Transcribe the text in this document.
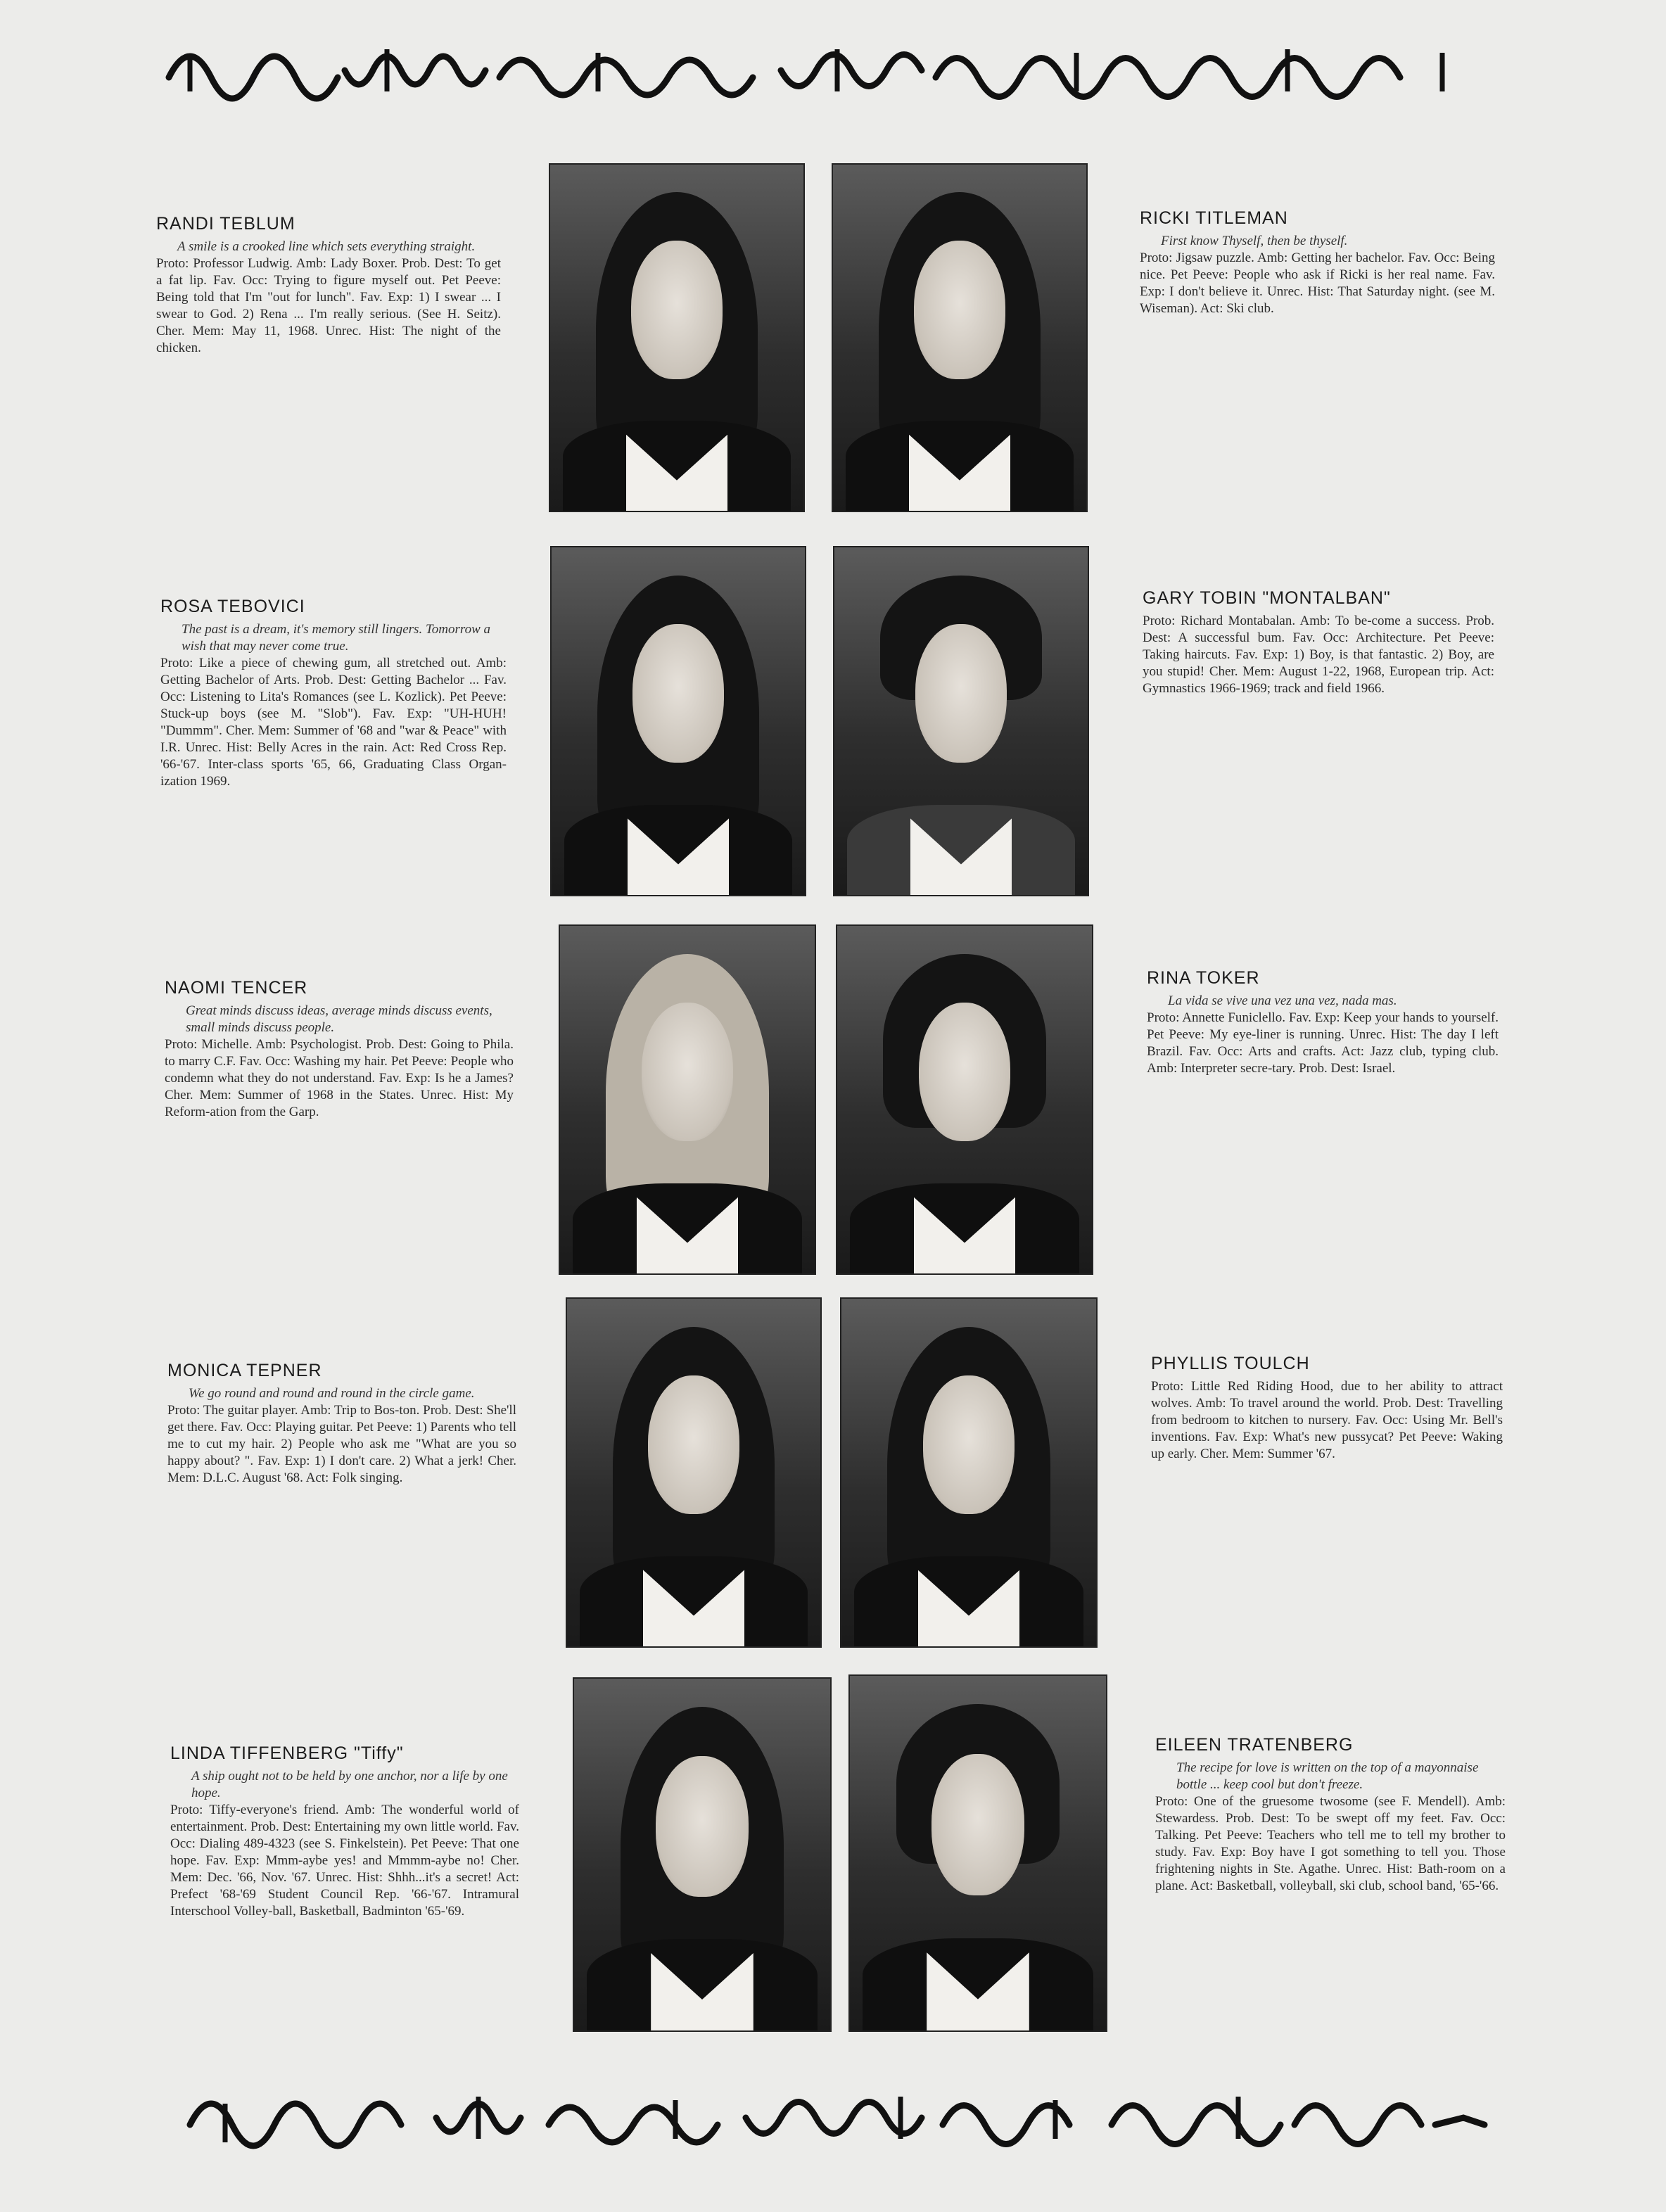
RANDI TEBLUM

A smile is a crooked line which sets everything straight.

Proto: Professor Ludwig. Amb: Lady Boxer. Prob. Dest: To get a fat lip. Fav. Occ: Trying to figure myself out. Pet Peeve: Being told that I'm "out for lunch". Fav. Exp: 1) I swear ... I swear to God. 2) Rena ... I'm really serious. (See H. Seitz). Cher. Mem: May 11, 1968. Unrec. Hist: The night of the chicken.

RICKI TITLEMAN

First know Thyself, then be thyself.

Proto: Jigsaw puzzle. Amb: Getting her bachelor. Fav. Occ: Being nice. Pet Peeve: People who ask if Ricki is her real name. Fav. Exp: I don't believe it. Unrec. Hist: That Saturday night. (see M. Wiseman). Act: Ski club.

ROSA TEBOVICI

The past is a dream, it's memory still lingers. Tomorrow a wish that may never come true.

Proto: Like a piece of chewing gum, all stretched out. Amb: Getting Bachelor of Arts. Prob. Dest: Getting Bachelor ... Fav. Occ: Listening to Lita's Romances (see L. Kozlick). Pet Peeve: Stuck-up boys (see M. "Slob"). Fav. Exp: "UH-HUH! "Dummm". Cher. Mem: Summer of '68 and "war & Peace" with I.R. Unrec. Hist: Belly Acres in the rain. Act: Red Cross Rep. '66-'67. Inter-class sports '65, 66, Graduating Class Organ-ization 1969.

GARY TOBIN "MONTALBAN"

Proto: Richard Montabalan. Amb: To be-come a success. Prob. Dest: A successful bum. Fav. Occ: Architecture. Pet Peeve: Taking haircuts. Fav. Exp: 1) Boy, is that fantastic. 2) Boy, are you stupid! Cher. Mem: August 1-22, 1968, European trip. Act: Gymnastics 1966-1969; track and field 1966.

NAOMI TENCER

Great minds discuss ideas, average minds discuss events, small minds discuss people.

Proto: Michelle. Amb: Psychologist. Prob. Dest: Going to Phila. to marry C.F. Fav. Occ: Washing my hair. Pet Peeve: People who condemn what they do not understand. Fav. Exp: Is he a James? Cher. Mem: Summer of 1968 in the States. Unrec. Hist: My Reform-ation from the Garp.

RINA TOKER

La vida se vive una vez una vez, nada mas.

Proto: Annette Funiclello. Fav. Exp: Keep your hands to yourself. Pet Peeve: My eye-liner is running. Unrec. Hist: The day I left Brazil. Fav. Occ: Arts and crafts. Act: Jazz club, typing club. Amb: Interpreter secre-tary. Prob. Dest: Israel.

MONICA TEPNER

We go round and round and round in the circle game.

Proto: The guitar player. Amb: Trip to Bos-ton. Prob. Dest: She'll get there. Fav. Occ: Playing guitar. Pet Peeve: 1) Parents who tell me to cut my hair. 2) People who ask me "What are you so happy about? ". Fav. Exp: 1) I don't care. 2) What a jerk! Cher. Mem: D.L.C. August '68. Act: Folk singing.

PHYLLIS TOULCH

Proto: Little Red Riding Hood, due to her ability to attract wolves. Amb: To travel around the world. Prob. Dest: Travelling from bedroom to kitchen to nursery. Fav. Occ: Using Mr. Bell's inventions. Fav. Exp: What's new pussycat? Pet Peeve: Waking up early. Cher. Mem: Summer '67.

LINDA TIFFENBERG "Tiffy"

A ship ought not to be held by one anchor, nor a life by one hope.

Proto: Tiffy-everyone's friend. Amb: The wonderful world of entertainment. Prob. Dest: Entertaining my own little world. Fav. Occ: Dialing 489-4323 (see S. Finkelstein). Pet Peeve: That one hope. Fav. Exp: Mmm-aybe yes! and Mmmm-aybe no! Cher. Mem: Dec. '66, Nov. '67. Unrec. Hist: Shhh...it's a secret! Act: Prefect '68-'69 Student Council Rep. '66-'67. Intramural Interschool Volley-ball, Basketball, Badminton '65-'69.

EILEEN TRATENBERG

The recipe for love is written on the top of a mayonnaise bottle ... keep cool but don't freeze.

Proto: One of the gruesome twosome (see F. Mendell). Amb: Stewardess. Prob. Dest: To be swept off my feet. Fav. Occ: Talking. Pet Peeve: Teachers who tell me to tell my brother to study. Fav. Exp: Boy have I got something to tell you. Those frightening nights in Ste. Agathe. Unrec. Hist: Bath-room on a plane. Act: Basketball, volleyball, ski club, school band, '65-'66.
